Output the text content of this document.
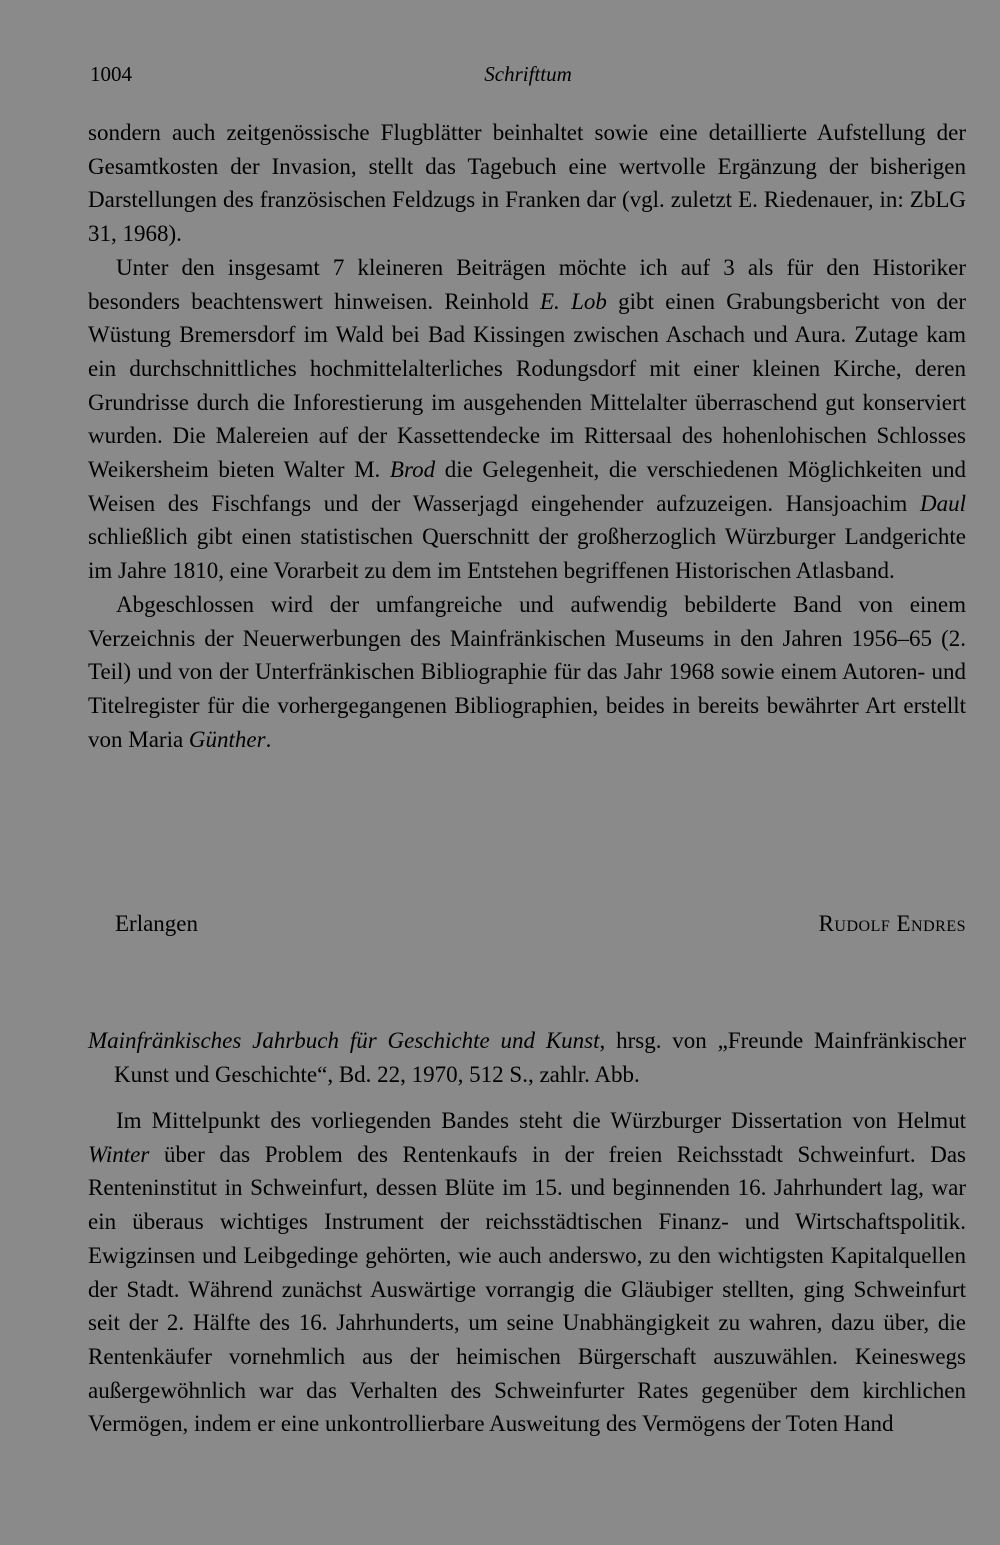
1004	Schrifttum

sondern auch zeitgenössische Flugblätter beinhaltet sowie eine detaillierte Aufstellung der Gesamtkosten der Invasion, stellt das Tagebuch eine wertvolle Ergänzung der bisherigen Darstellungen des französischen Feldzugs in Franken dar (vgl. zuletzt E. Riedenauer, in: ZbLG 31, 1968).

Unter den insgesamt 7 kleineren Beiträgen möchte ich auf 3 als für den Historiker besonders beachtenswert hinweisen. Reinhold E. Lob gibt einen Grabungsbericht von der Wüstung Bremersdorf im Wald bei Bad Kissingen zwischen Aschach und Aura. Zutage kam ein durchschnittliches hochmittelalterliches Rodungsdorf mit einer kleinen Kirche, deren Grundrisse durch die Inforestierung im ausgehenden Mittelalter überraschend gut konserviert wurden. Die Malereien auf der Kassettendecke im Rittersaal des hohenlohischen Schlosses Weikersheim bieten Walter M. Brod die Gelegenheit, die verschiedenen Möglichkeiten und Weisen des Fischfangs und der Wasserjagd eingehender aufzuzeigen. Hansjoachim Daul schließlich gibt einen statistischen Querschnitt der großherzoglich Würzburger Landgerichte im Jahre 1810, eine Vorarbeit zu dem im Entstehen begriffenen Historischen Atlasband.

Abgeschlossen wird der umfangreiche und aufwendig bebilderte Band von einem Verzeichnis der Neuerwerbungen des Mainfränkischen Museums in den Jahren 1956–65 (2. Teil) und von der Unterfränkischen Bibliographie für das Jahr 1968 sowie einem Autoren- und Titelregister für die vorhergegangenen Bibliographien, beides in bereits bewährter Art erstellt von Maria Günther.

Erlangen	Rudolf Endres
Mainfränkisches Jahrbuch für Geschichte und Kunst, hrsg. von „Freunde Mainfränkischer Kunst und Geschichte“, Bd. 22, 1970, 512 S., zahlr. Abb.

Im Mittelpunkt des vorliegenden Bandes steht die Würzburger Dissertation von Helmut Winter über das Problem des Rentenkaufs in der freien Reichsstadt Schweinfurt. Das Renteninstitut in Schweinfurt, dessen Blüte im 15. und beginnenden 16. Jahrhundert lag, war ein überaus wichtiges Instrument der reichsstädtischen Finanz- und Wirtschaftspolitik. Ewigzinsen und Leibgedinge gehörten, wie auch anderswo, zu den wichtigsten Kapitalquellen der Stadt. Während zunächst Auswärtige vorrangig die Gläubiger stellten, ging Schweinfurt seit der 2. Hälfte des 16. Jahrhunderts, um seine Unabhängigkeit zu wahren, dazu über, die Rentenkäufer vornehmlich aus der heimischen Bürgerschaft auszuwählen. Keineswegs außergewöhnlich war das Verhalten des Schweinfurter Rates gegenüber dem kirchlichen Vermögen, indem er eine unkontrollierbare Ausweitung des Vermögens der Toten Hand
